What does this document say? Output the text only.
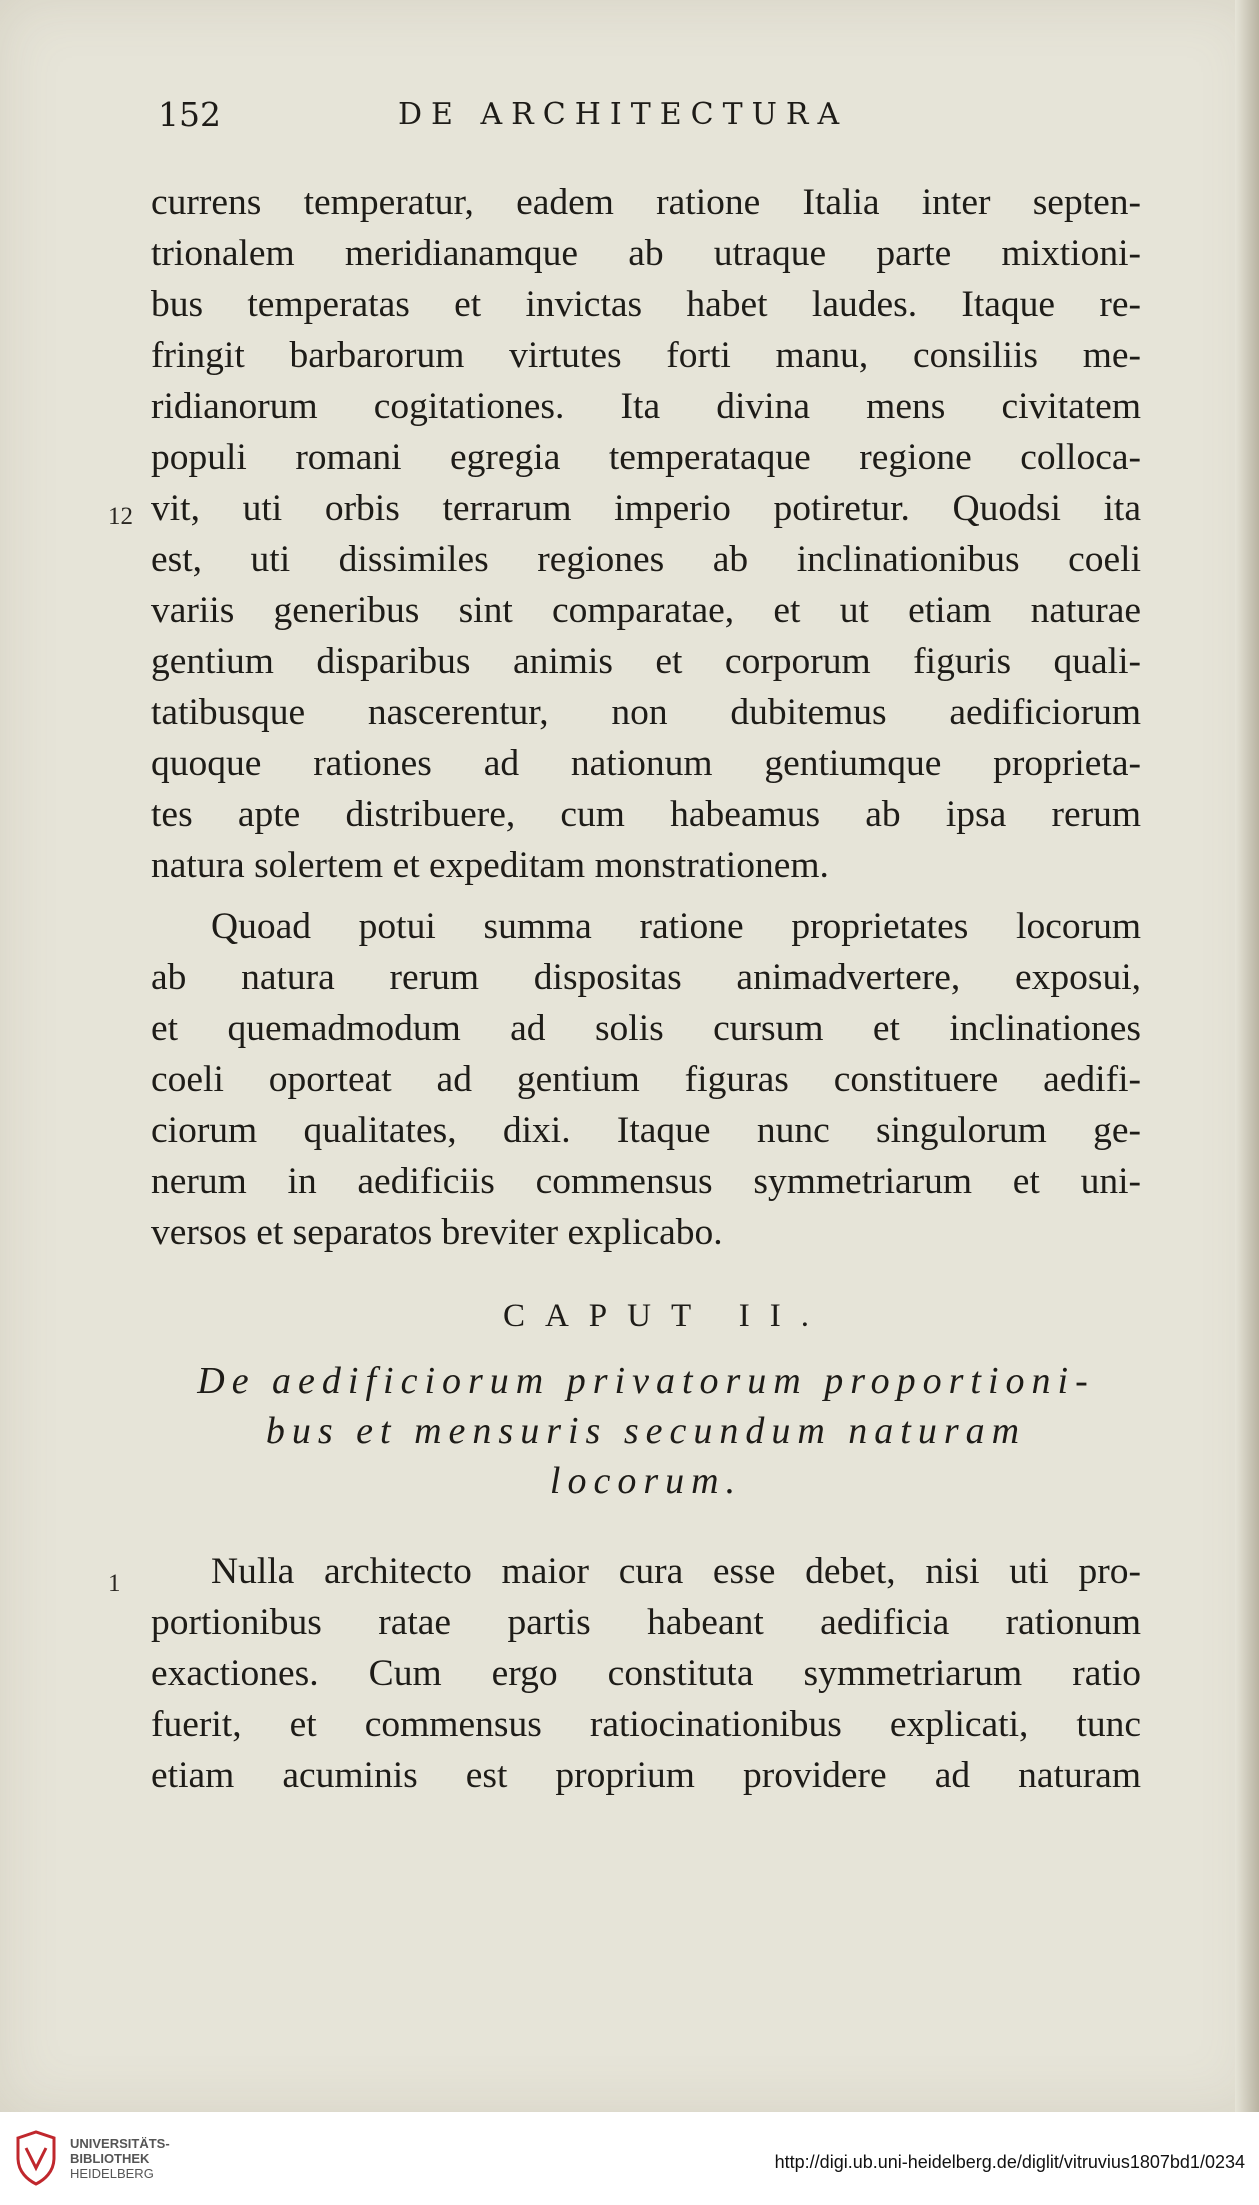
152	DE ARCHITECTURA
currens temperatur, eadem ratione Italia inter septen-
trionalem meridianamque ab utraque parte mixtioni-
bus temperatas et invictas habet laudes. Itaque re-
fringit barbarorum virtutes forti manu, consiliis me-
ridianorum cogitationes. Ita divina mens civitatem
populi romani egregia temperataque regione colloca-
vit, uti orbis terrarum imperio potiretur. Quodsi ita
12
est, uti dissimiles regiones ab inclinationibus coeli
variis generibus sint comparatae, et ut etiam naturae
gentium disparibus animis et corporum figuris quali-
tatibusque nascerentur, non dubitemus aedificiorum
quoque rationes ad nationum gentiumque proprieta-
tes apte distribuere, cum habeamus ab ipsa rerum
natura solertem et expeditam monstrationem.
Quoad potui summa ratione proprietates locorum
ab natura rerum dispositas animadvertere, exposui,
et quemadmodum ad solis cursum et inclinationes
coeli oporteat ad gentium figuras constituere aedifi-
ciorum qualitates, dixi. Itaque nunc singulorum ge-
nerum in aedificiis commensus symmetriarum et uni-
versos et separatos breviter explicabo.
CAPUT II.
De aedificiorum privatorum proportioni-
bus et mensuris secundum naturam
locorum.
1	Nulla architecto maior cura esse debet, nisi uti pro-
portionibus ratae partis habeant aedificia rationum
exactiones. Cum ergo constituta symmetriarum ratio
fuerit, et commensus ratiocinationibus explicati, tunc
etiam acuminis est proprium providere ad naturam
UNIVERSITÄTS-
BIBLIOTHEK
HEIDELBERG
http://digi.ub.uni-heidelberg.de/diglit/vitruvius1807bd1/0234
